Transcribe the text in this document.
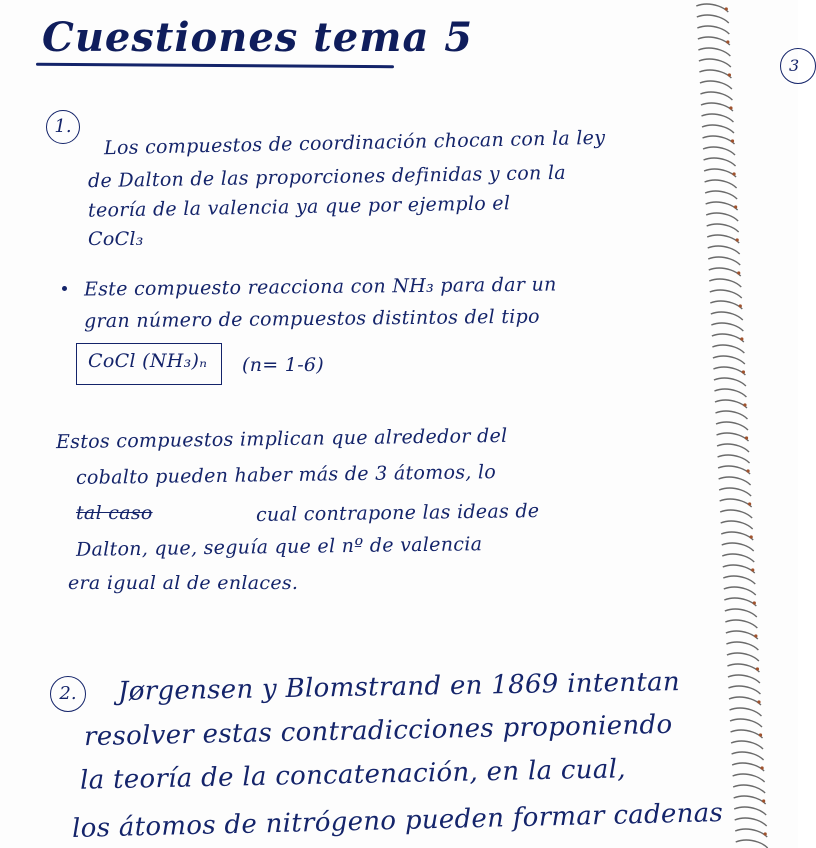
Cuestiones tema 5
1.
Los compuestos de coordinación chocan con la ley
de Dalton de las proporciones definidas y con la
teoría de la valencia ya que por ejemplo el
CoCl₃
Este compuesto reacciona con NH₃ para dar un
gran número de compuestos distintos del tipo
CoCl (NH₃)ₙ (n= 1-6)
Estos compuestos implican que alrededor del
cobalto pueden haber más de 3 átomos, lo
tal caso	cual contrapone las ideas de
Dalton, que, seguía que el nº de valencia
era igual al de enlaces.
2.	Jørgensen y Blomstrand en 1869 intentan
resolver estas contradicciones proponiendo
la teoría de la concatenación, en la cual,
los átomos de nitrógeno pueden formar cadenas
3
